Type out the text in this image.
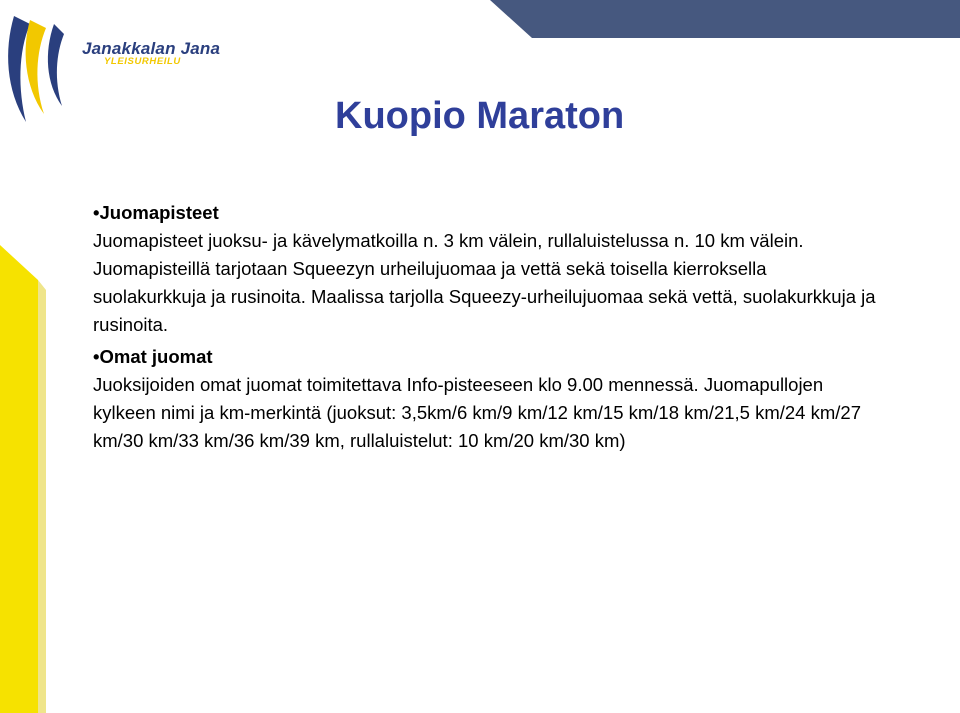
Janakkalan Jana
YLEISURHEILU
Kuopio Maraton
•Juomapisteet

Juomapisteet juoksu- ja kävelymatkoilla n. 3 km välein, rullaluistelussa n. 10 km välein. Juomapisteillä tarjotaan Squeezyn urheilujuomaa ja vettä sekä toisella kierroksella suolakurkkuja ja rusinoita. Maalissa tarjolla Squeezy-urheilujuomaa sekä vettä, suolakurkkuja ja rusinoita.

•Omat juomat

Juoksijoiden omat juomat toimitettava Info-pisteeseen klo 9.00 mennessä. Juomapullojen kylkeen nimi ja km-merkintä (juoksut: 3,5km/6 km/9 km/12 km/15 km/18 km/21,5 km/24 km/27 km/30 km/33 km/36 km/39 km, rullaluistelut: 10 km/20 km/30 km)
